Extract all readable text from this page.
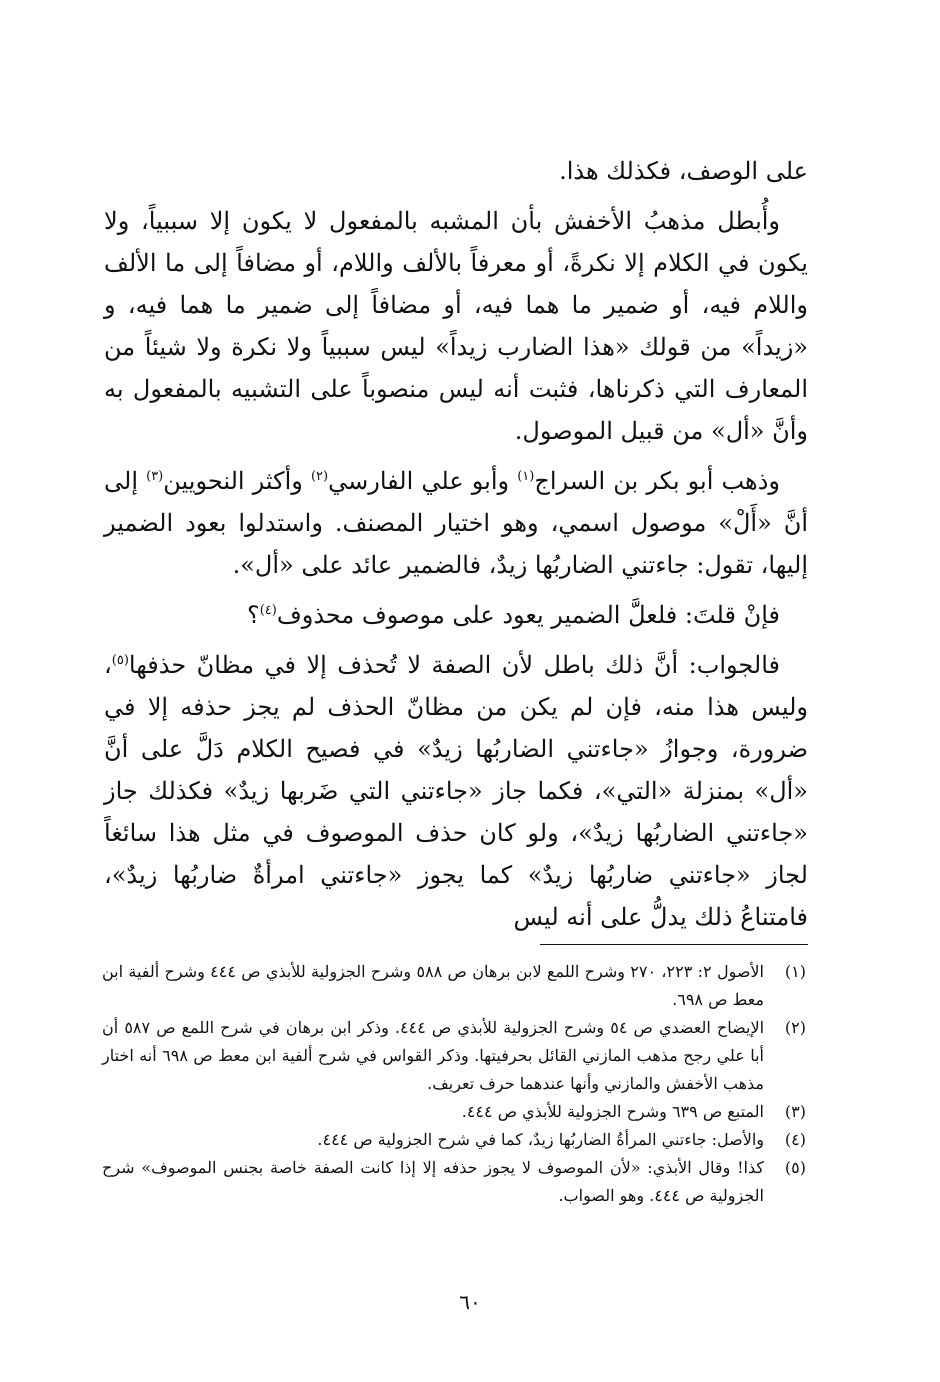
على الوصف، فكذلك هذا.

وأُبطل مذهبُ الأخفش بأن المشبه بالمفعول لا يكون إلا سببياً، ولا يكون في الكلام إلا نكرةً، أو معرفاً بالألف واللام، أو مضافاً إلى ما الألف واللام فيه، أو ضمير ما هما فيه، أو مضافاً إلى ضمير ما هما فيه، و «زيداً» من قولك «هذا الضارب زيداً» ليس سببياً ولا نكرة ولا شيئاً من المعارف التي ذكرناها، فثبت أنه ليس منصوباً على التشبيه بالمفعول به وأنَّ «أل» من قبيل الموصول.

وذهب أبو بكر بن السراج$^{(١)}$ وأبو علي الفارسي$^{(٢)}$ وأكثر النحويين$^{(٣)}$ إلى أنَّ «أَلْ» موصول اسمي، وهو اختيار المصنف. واستدلوا بعود الضمير إليها، تقول: جاءتني الضاربُها زيدٌ، فالضمير عائد على «أل».

فإنْ قلتَ: فلعلَّ الضمير يعود على موصوف محذوف$^{(٤)}$؟

فالجواب: أنَّ ذلك باطل لأن الصفة لا تُحذف إلا في مظانّ حذفها$^{(٥)}$، وليس هذا منه، فإن لم يكن من مظانّ الحذف لم يجز حذفه إلا في ضرورة، وجوازُ «جاءتني الضاربُها زيدٌ» في فصيح الكلام دَلَّ على أنَّ «أل» بمنزلة «التي»، فكما جاز «جاءتني التي ضَربها زيدٌ» فكذلك جاز «جاءتني الضاربُها زيدٌ»، ولو كان حذف الموصوف في مثل هذا سائغاً لجاز «جاءتني ضاربُها زيدٌ» كما يجوز «جاءتني امرأةٌ ضاربُها زيدٌ»، فامتناعُ ذلك يدلُّ على أنه ليس

(١)
الأصول ٢: ٢٢٣، ٢٧٠ وشرح اللمع لابن برهان ص ٥٨٨ وشرح الجزولية للأبذي ص ٤٤٤ وشرح ألفية ابن معط ص ٦٩٨.
(٢)
الإيضاح العضدي ص ٥٤ وشرح الجزولية للأبذي ص ٤٤٤. وذكر ابن برهان في شرح اللمع ص ٥٨٧ أن أبا علي رجح مذهب المازني القائل بحرفيتها. وذكر القواس في شرح ألفية ابن معط ص ٦٩٨ أنه اختار مذهب الأخفش والمازني وأنها عندهما حرف تعريف.
(٣)
المتبع ص ٦٣٩ وشرح الجزولية للأبذي ص ٤٤٤.
(٤)
والأصل: جاءتني المرأةُ الضاربُها زيدٌ، كما في شرح الجزولية ص ٤٤٤.
(٥)
كذا! وقال الأبذي: «لأن الموصوف لا يجوز حذفه إلا إذا كانت الصفة خاصة بجنس الموصوف» شرح الجزولية ص ٤٤٤. وهو الصواب.
٦٠
